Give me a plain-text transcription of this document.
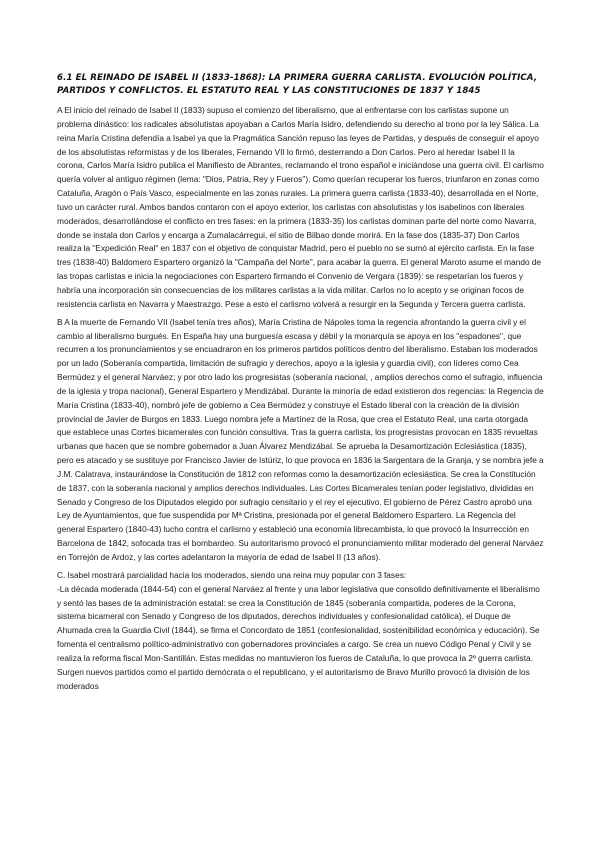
6.1 EL REINADO DE ISABEL II (1833-1868): LA PRIMERA GUERRA CARLISTA. EVOLUCIÓN POLÍTICA, PARTIDOS Y CONFLICTOS. EL ESTATUTO REAL Y LAS CONSTITUCIONES DE 1837 Y 1845

A El inicio del reinado de Isabel II (1833) supuso el comienzo del liberalismo, que al enfrentarse con los carlistas supone un problema dinástico: los radicales absolutistas apoyaban a Carlos María Isidro, defendiendo su derecho al trono por la ley Sálica. La reina María Cristina defendía a Isabel ya que la Pragmática Sanción repuso las leyes de Partidas, y después de conseguir el apoyo de los absolutistas reformistas y de los liberales, Fernando VII lo firmó, desterrando a Don Carlos. Pero al heredar Isabel II la corona, Carlos María Isidro publica el Manifiesto de Abrantes, reclamando el trono español e iniciándose una guerra civil. El carlismo quería volver al antiguo régimen (lema: "Dios, Patria, Rey y Fueros"). Como querían recuperar los fueros, triunfaron en zonas como Cataluña, Aragón o País Vasco, especialmente en las zonas rurales. La primera guerra carlista (1833-40), desarrollada en el Norte, tuvo un carácter rural. Ambos bandos contaron con el apoyo exterior, los carlistas con absolutistas y los isabelinos con liberales moderados, desarrollándose el conflicto en tres fases: en la primera (1833-35) los carlistas dominan parte del norte como Navarra, donde se instala don Carlos y encarga a Zumalacárregui, el sitio de Bilbao donde morirá. En la fase dos (1835-37) Don Carlos realiza la "Expedición Real" en 1837 con el objetivo de conquistar Madrid, pero el pueblo no se sumó al ejército carlista. En la fase tres (1838-40) Baldomero Espartero organizó la "Campaña del Norte", para acabar la guerra. El general Maroto asume el mando de las tropas carlistas e inicia la negociaciones con Espartero firmando el Convenio de Vergara (1839): se respetarían los fueros y habría una incorporación sin consecuencias de los militares carlistas a la vida militar. Carlos no lo acepto y se originan focos de resistencia carlista en Navarra y Maestrazgo. Pese a esto el carlismo volverá a resurgir en la Segunda y Tercera guerra carlista.

B A la muerte de Fernando VII (Isabel tenía tres años), María Cristina de Nápoles toma la regencia afrontando la guerra civil y el cambio al liberalismo burgués. En España hay una burguesía escasa y débil y la monarquía se apoya en los "espadones", que recurren a los pronunciamientos y se encuadraron en los primeros partidos políticos dentro del liberalismo. Estaban los moderados por un lado (Soberanía compartida, limitación de sufragio y derechos, apoyo a la iglesia y guardia civil), con líderes como Cea Bermúdez y el general Narváez; y por otro lado los progresistas (soberanía nacional, , amplios derechos como el sufragio, influencia de la iglesia y tropa nacional), General Espartero y Mendizábal. Durante la minoría de edad existieron dos regencias: la Regencia de María Cristina (1833-40), nombró jefe de gobierno a Cea Bermúdez y construye el Estado liberal con la creación de la división provincial de Javier de Burgos en 1833. Luego nombra jefe a Martínez de la Rosa, que crea el Estatuto Real, una carta otorgada que establece unas Cortes bicamerales con función consultiva. Tras la guerra carlista, los progresistas provocan en 1835 revueltas urbanas que hacen que se nombre gobernador a Juan Álvarez Mendizábal. Se aprueba la Desamortización Eclesiástica (1835), pero es atacado y se sustituye por Francisco Javier de Istúriz, lo que provoca en 1836 la Sargentara de la Granja, y se nombra jefe a J.M. Calatrava, instaurándose la Constitución de 1812 con reformas como la desamortización eclesiástica. Se crea la Constitución de 1837, con la soberanía nacional y amplios derechos individuales. Las Cortes Bicamerales tenían poder legislativo, divididas en Senado y Congreso de los Diputados elegido por sufragio censitario y el rey el ejecutivo. El gobierno de Pérez Castro aprobó una Ley de Ayuntamientos, que fue suspendida por Mª Cristina, presionada por el general Baldomero Espartero. La Regencia del general Espartero (1840-43) lucho contra el carlismo y estableció una economía librecambista, lo que provocó la Insurrección en Barcelona de 1842, sofocada tras el bombardeo. Su autoritarismo provocó el pronunciamiento militar moderado del general Narváez en Torrejón de Ardoz, y las cortes adelantaron la mayoría de edad de Isabel II (13 años).

C. Isabel mostrará parcialidad hacia los moderados, siendo una reina muy popular con 3 fases:

-La década moderada (1844-54) con el general Narváez al frente y una labor legislativa que consolido definitivamente el liberalismo y sentó las bases de la administración estatal: se crea la Constitución de 1845 (soberanía compartida, poderes de la Corona, sistema bicameral con Senado y Congreso de los diputados, derechos individuales y confesionalidad católica), el Duque de Ahumada crea la Guardia Civil (1844), se firma el Concordato de 1851 (confesionalidad, sostenibilidad económica y educación). Se fomenta el centralismo político-administrativo con gobernadores provinciales a cargo. Se crea un nuevo Código Penal y Civil y se realiza la reforma fiscal Mon-Santillán. Estas medidas no mantuvieron los fueros de Cataluña, lo que provoca la 2º guerra carlista. Surgen nuevos partidos como el partido demócrata o el republicano, y el autoritarismo de Bravo Murillo provocó la división de los moderados
